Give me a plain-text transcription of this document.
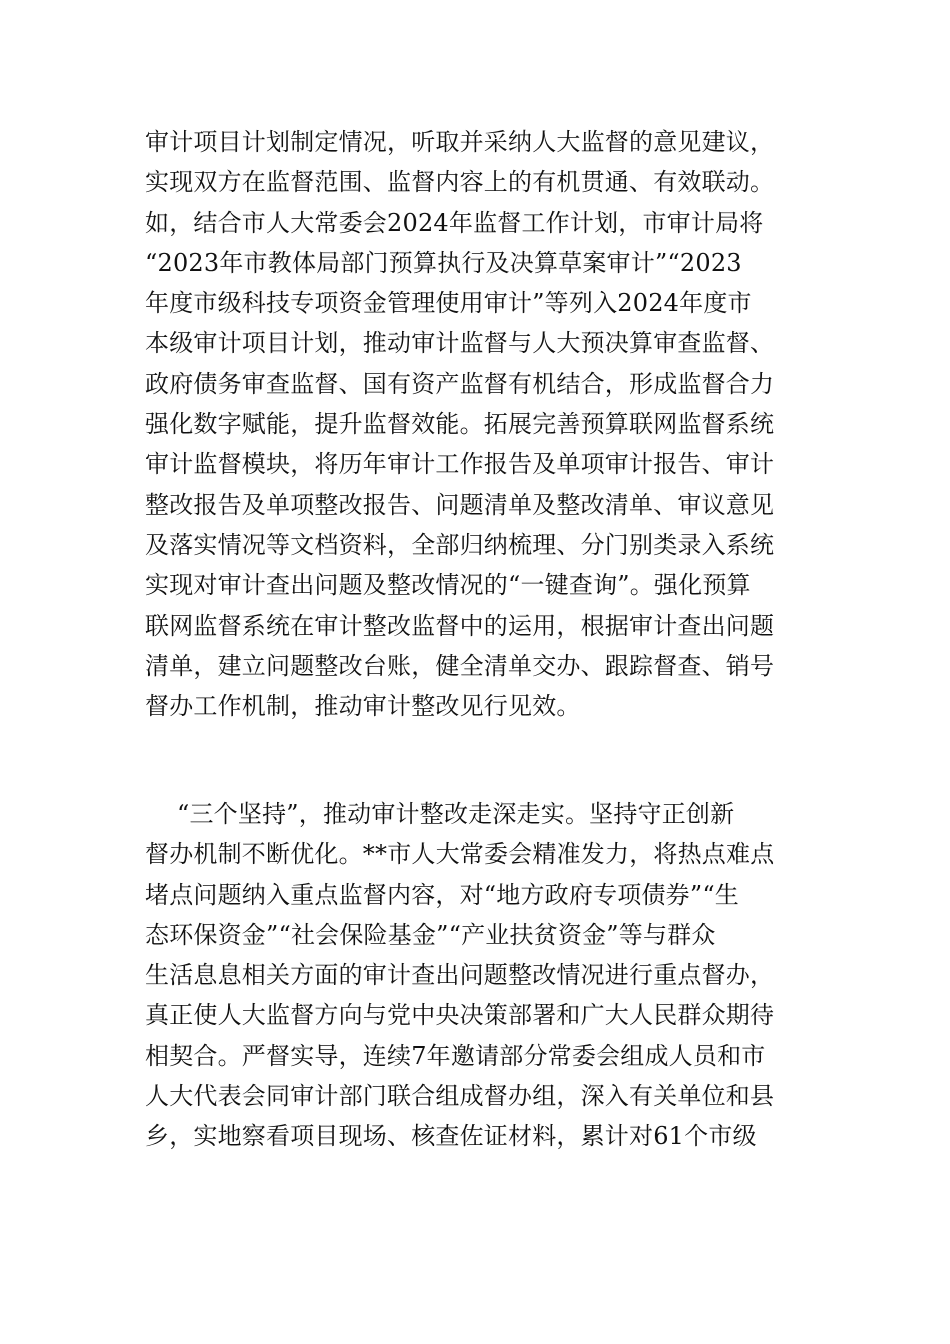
审计项目计划制定情况，听取并采纳人大监督的意见建议，
实现双方在监督范围、监督内容上的有机贯通、有效联动。
如，结合市人大常委会2024年监督工作计划，市审计局将
“2023年市教体局部门预算执行及决算草案审计”“2023
年度市级科技专项资金管理使用审计”等列入2024年度市
本级审计项目计划，推动审计监督与人大预决算审查监督、
政府债务审查监督、国有资产监督有机结合，形成监督合力
强化数字赋能，提升监督效能。拓展完善预算联网监督系统
审计监督模块，将历年审计工作报告及单项审计报告、审计
整改报告及单项整改报告、问题清单及整改清单、审议意见
及落实情况等文档资料，全部归纳梳理、分门别类录入系统
实现对审计查出问题及整改情况的“一键查询”。强化预算
联网监督系统在审计整改监督中的运用，根据审计查出问题
清单，建立问题整改台账，健全清单交办、跟踪督查、销号
督办工作机制，推动审计整改见行见效。
“三个坚持”，推动审计整改走深走实。坚持守正创新
督办机制不断优化。**市人大常委会精准发力，将热点难点
堵点问题纳入重点监督内容，对“地方政府专项债券”“生
态环保资金”“社会保险基金”“产业扶贫资金”等与群众
生活息息相关方面的审计查出问题整改情况进行重点督办，
真正使人大监督方向与党中央决策部署和广大人民群众期待
相契合。严督实导，连续7年邀请部分常委会组成人员和市
人大代表会同审计部门联合组成督办组，深入有关单位和县
乡，实地察看项目现场、核查佐证材料，累计对61个市级
